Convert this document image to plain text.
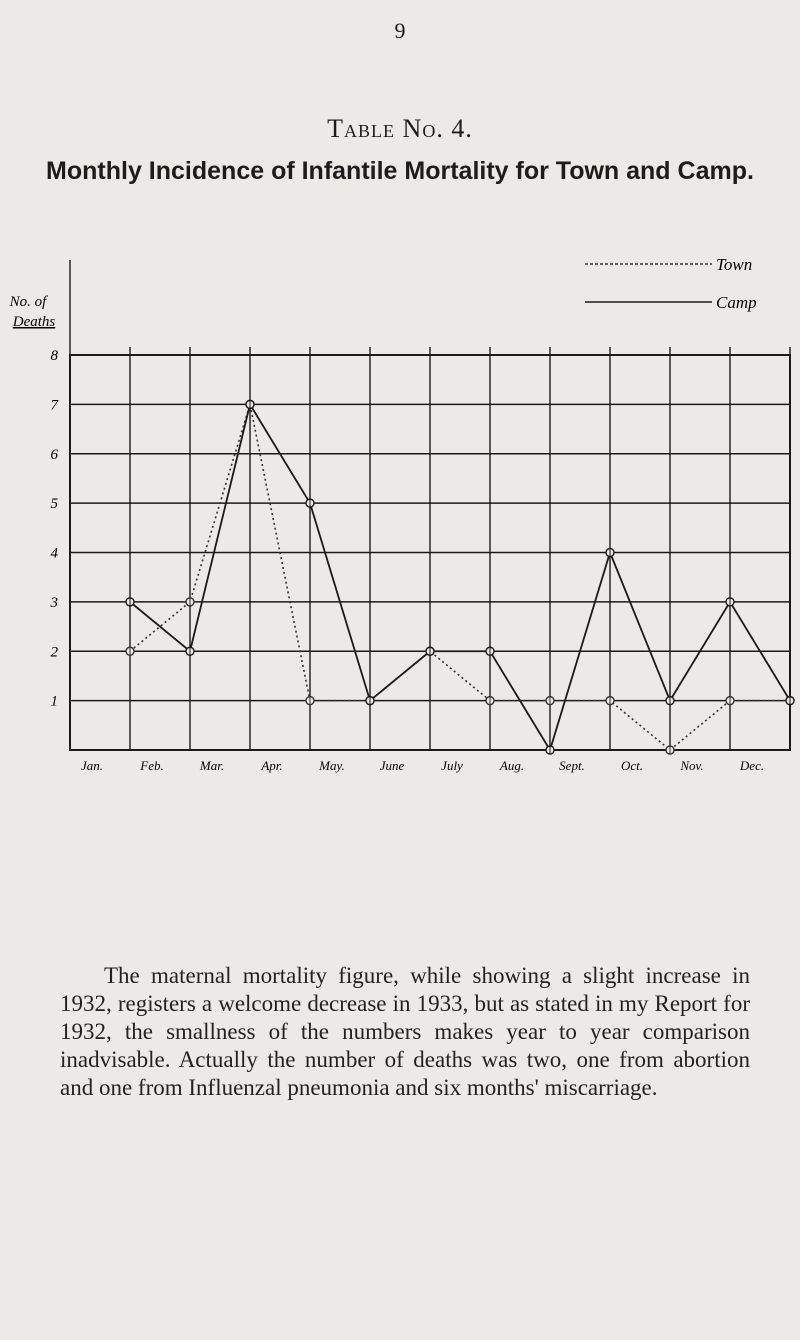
9
Table No. 4.
Monthly Incidence of Infantile Mortality for Town and Camp.
No. of
Deaths
Town
Camp
8
7
6
5
4
3
2
1
Jan.	Feb.	Mar.	Apr.	May.	June	July	Aug.	Sept.	Oct.	Nov.	Dec.
The maternal mortality figure, while showing a slight increase in 1932, registers a welcome decrease in 1933, but as stated in my Report for 1932, the smallness of the numbers makes year to year comparison inadvisable. Actually the number of deaths was two, one from abortion and one from Influenzal pneumonia and six months' miscarriage.
